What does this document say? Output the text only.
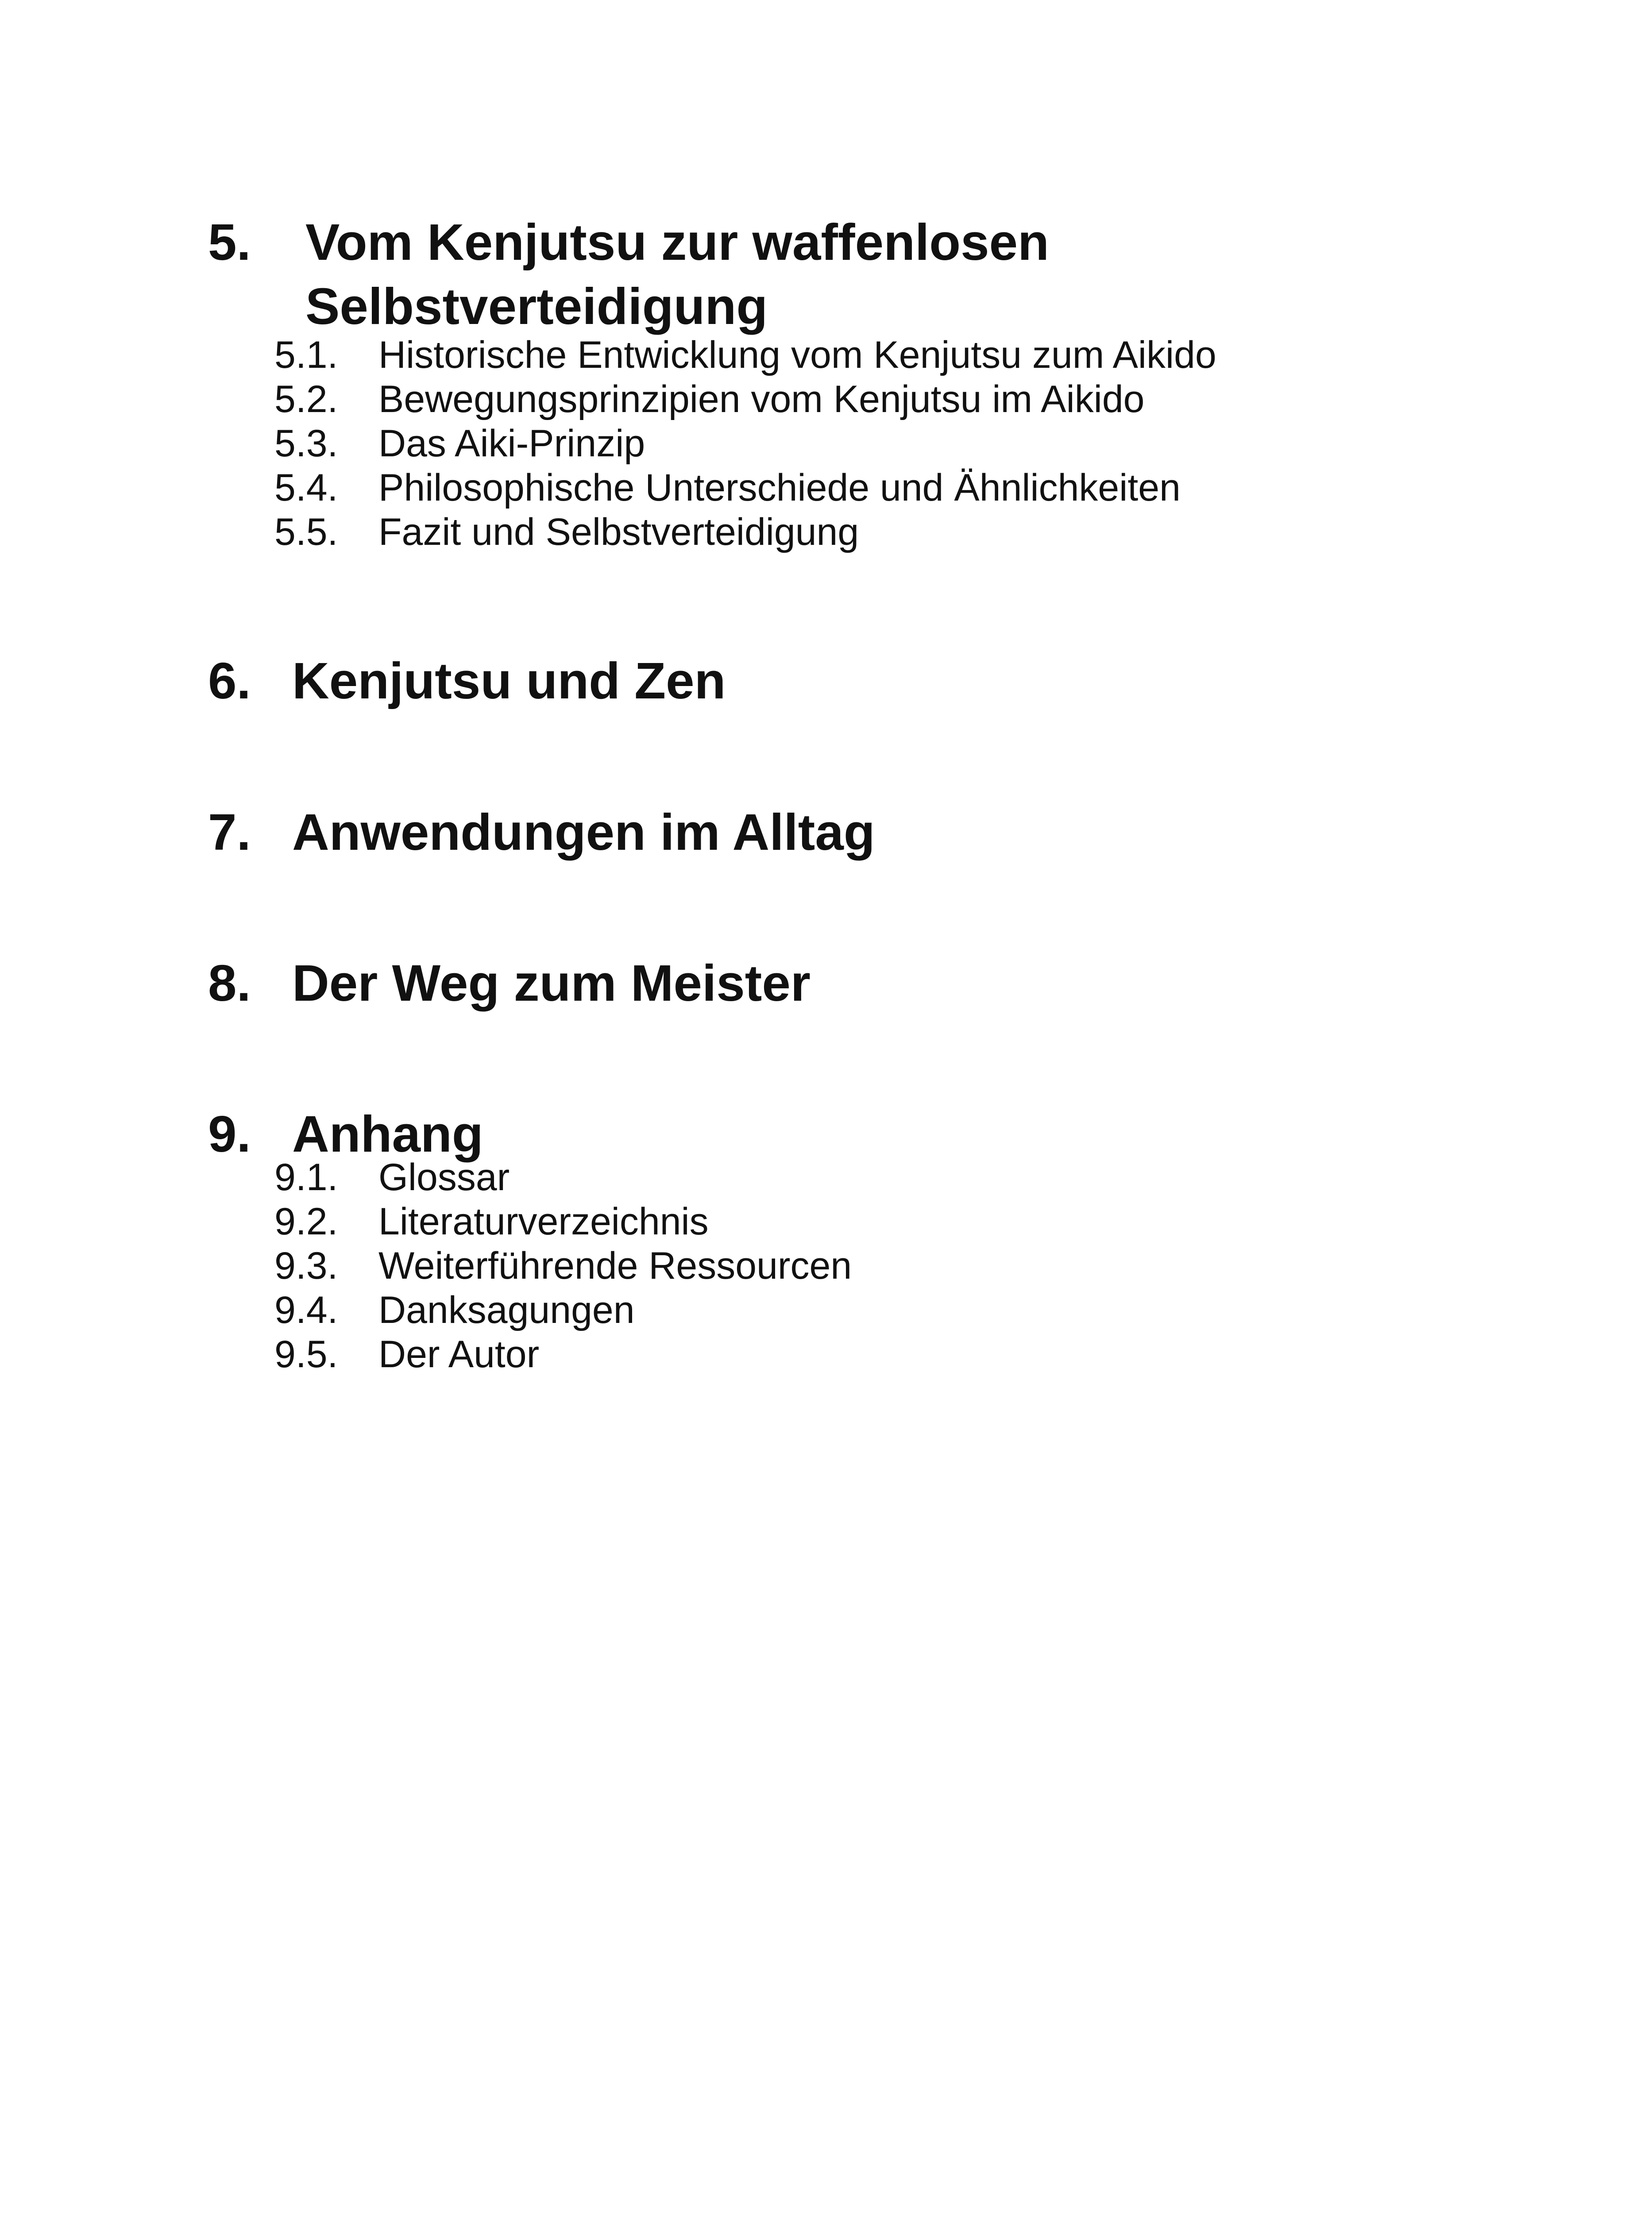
5. Vom Kenjutsu zur waffenlosen
Selbstverteidigung
5.1. Historische Entwicklung vom Kenjutsu zum Aikido
5.2. Bewegungsprinzipien vom Kenjutsu im Aikido
5.3. Das Aiki-Prinzip
5.4. Philosophische Unterschiede und Ähnlichkeiten
5.5. Fazit und Selbstverteidigung
6. Kenjutsu und Zen
7. Anwendungen im Alltag
8. Der Weg zum Meister
9. Anhang
9.1. Glossar
9.2. Literaturverzeichnis
9.3. Weiterführende Ressourcen
9.4. Danksagungen
9.5. Der Autor
